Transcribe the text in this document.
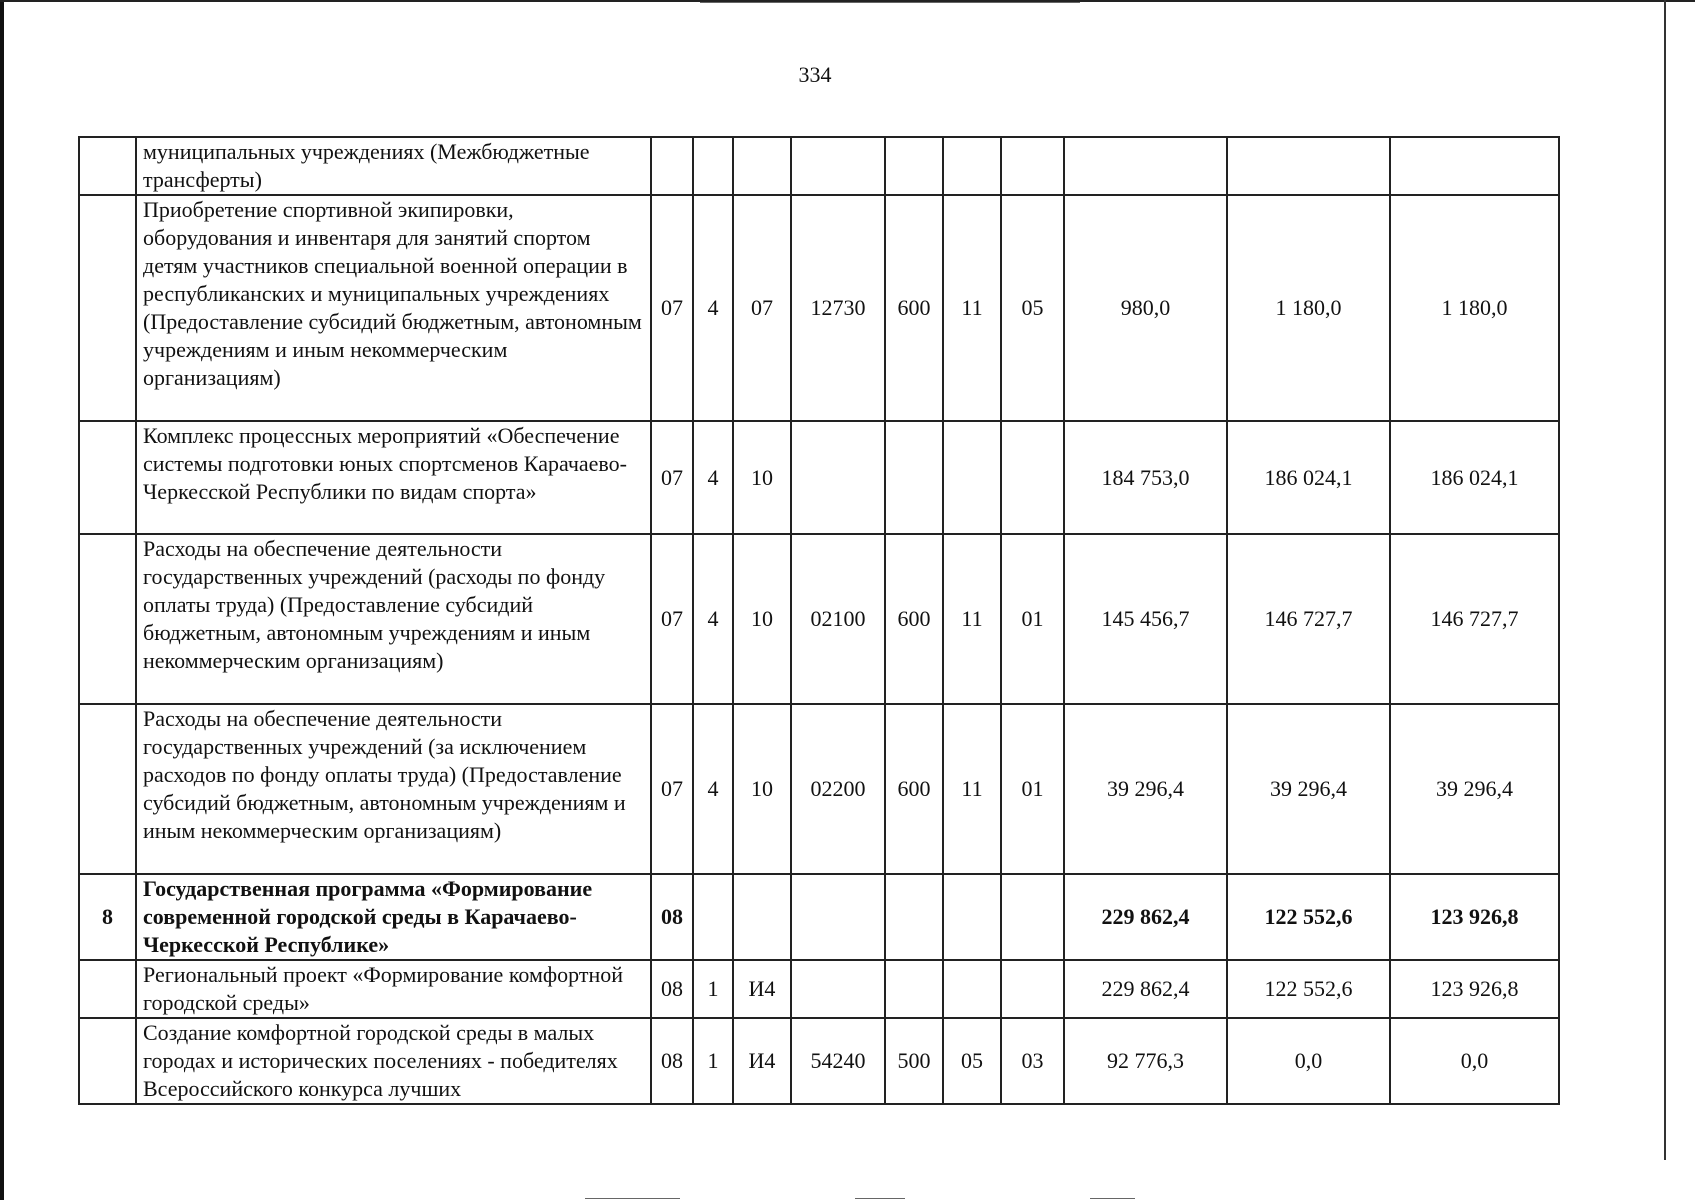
334
	муниципальных учреждениях (Межбюджетные трансферты)										
	Приобретение спортивной экипировки, оборудования и инвентаря для занятий спортом детям участников специальной военной операции в республиканских и муниципальных учреждениях (Предоставление субсидий бюджетным, автономным учреждениям и иным некоммерческим организациям)	07	4	07	12730	600	11	05	980,0	1 180,0	1 180,0
	Комплекс процессных мероприятий «Обеспечение системы подготовки юных спортсменов Карачаево-Черкесской Республики по видам спорта»	07	4	10					184 753,0	186 024,1	186 024,1
	Расходы на обеспечение деятельности государственных учреждений (расходы по фонду оплаты труда) (Предоставление субсидий бюджетным, автономным учреждениям и иным некоммерческим организациям)	07	4	10	02100	600	11	01	145 456,7	146 727,7	146 727,7
	Расходы на обеспечение деятельности государственных учреждений (за исключением расходов по фонду оплаты труда) (Предоставление субсидий бюджетным, автономным учреждениям и иным некоммерческим организациям)	07	4	10	02200	600	11	01	39 296,4	39 296,4	39 296,4
8	Государственная программа «Формирование современной городской среды в Карачаево-Черкесской Республике»	08							229 862,4	122 552,6	123 926,8
	Региональный проект «Формирование комфортной городской среды»	08	1	И4					229 862,4	122 552,6	123 926,8
	Создание комфортной городской среды в малых городах и исторических поселениях - победителях Всероссийского конкурса лучших	08	1	И4	54240	500	05	03	92 776,3	0,0	0,0
